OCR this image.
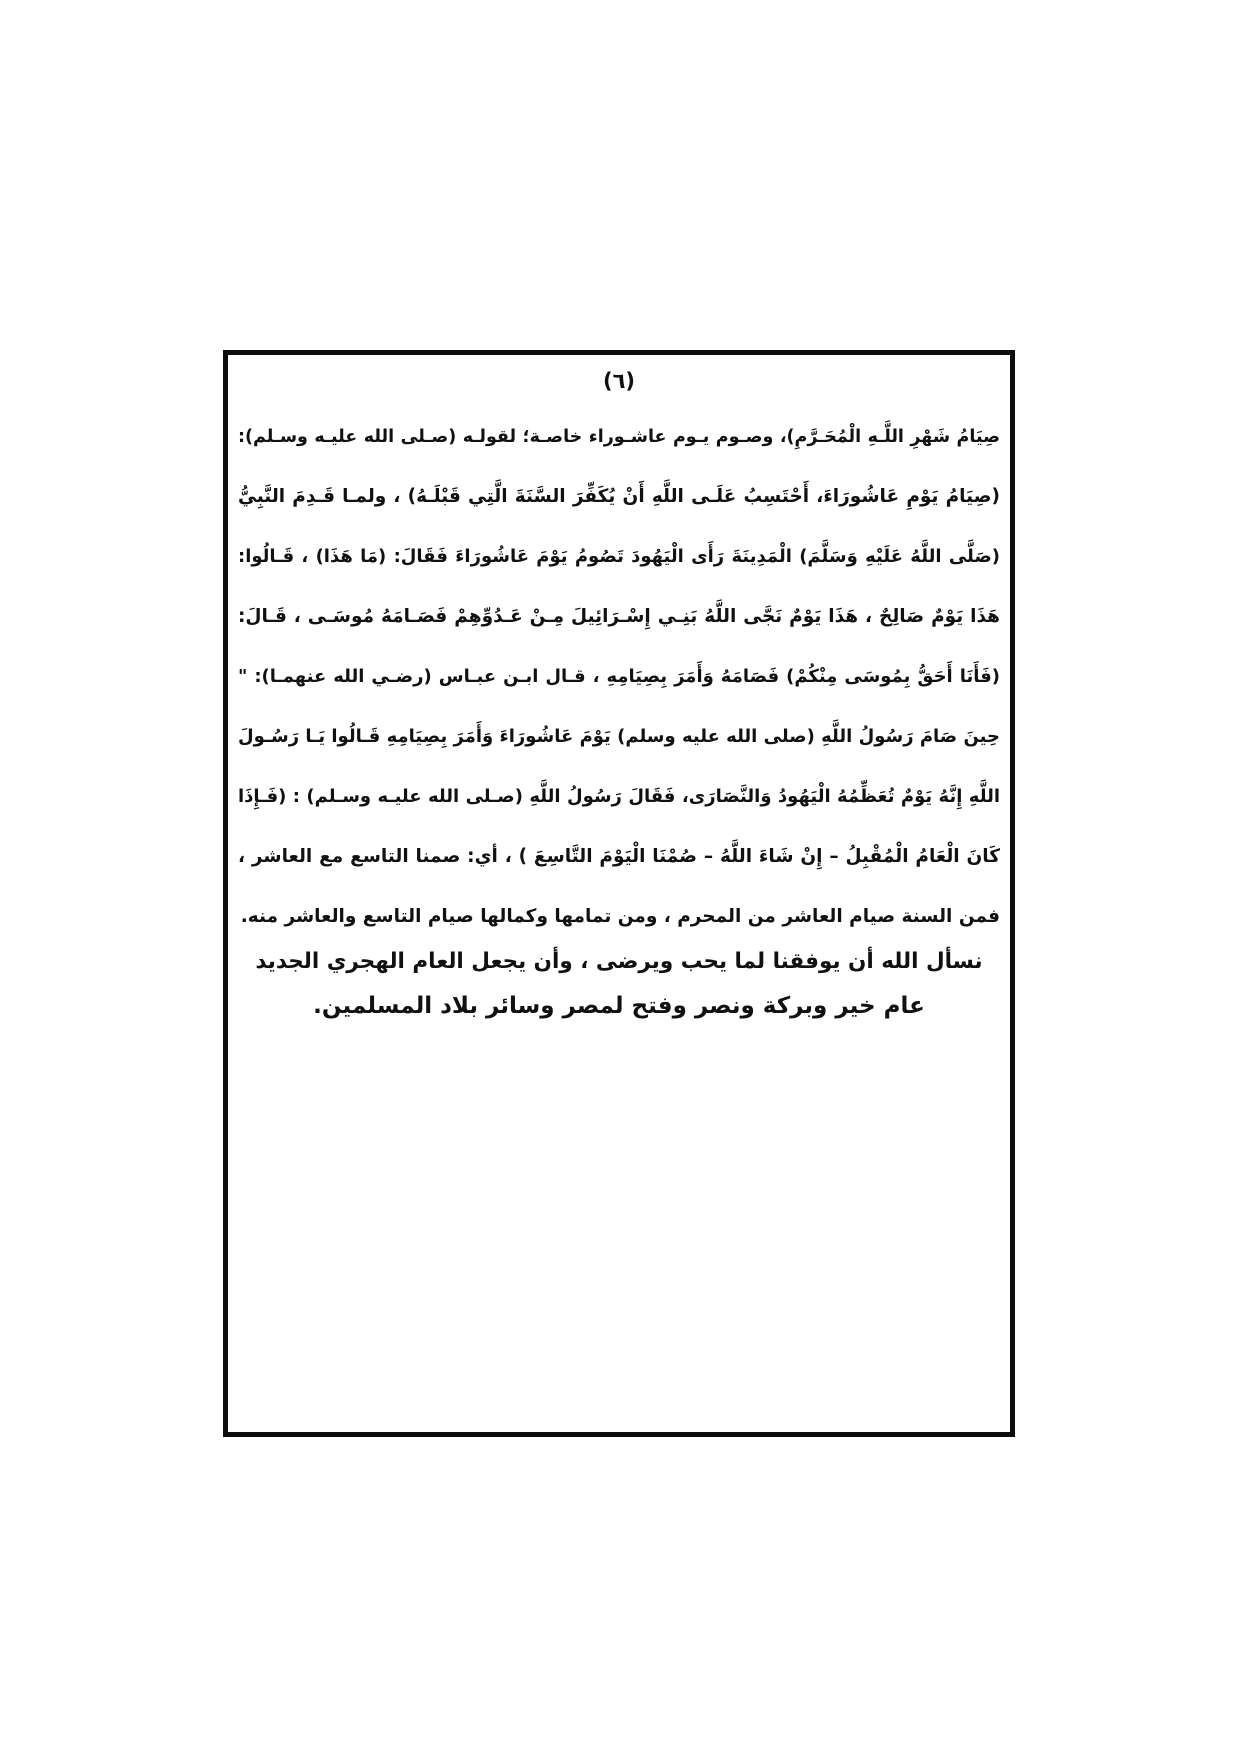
(٦)
صِيَامُ شَهْرِ اللَّـهِ الْمُحَـرَّمِ)، وصـوم يـوم عاشـوراء خاصـة؛ لقولـه (صـلى الله عليـه وسـلم):
(صِيَامُ يَوْمِ عَاشُورَاءَ، أَحْتَسِبُ عَلَـى اللَّهِ أَنْ يُكَفِّرَ السَّنَةَ الَّتِي قَبْلَـهُ) ، ولمـا قَـدِمَ النَّبِيُّ
(صَلَّى اللَّهُ عَلَيْهِ وَسَلَّمَ) الْمَدِينَةَ رَأَى الْيَهُودَ تَصُومُ يَوْمَ عَاشُورَاءَ فَقَالَ: (مَا هَذَا) ، قَـالُوا:
هَذَا يَوْمٌ صَالِحٌ ، هَذَا يَوْمٌ نَجَّى اللَّهُ بَنِـي إِسْـرَائِيلَ مِـنْ عَـدُوِّهِمْ فَصَـامَهُ مُوسَـى ، قَـالَ:
(فَأَنَا أَحَقُّ بِمُوسَى مِنْكُمْ) فَصَامَهُ وَأَمَرَ بِصِيَامِهِ ، قـال ابـن عبـاس (رضـي الله عنهمـا): "
حِينَ صَامَ رَسُولُ اللَّهِ (صلى الله عليه وسلم) يَوْمَ عَاشُورَاءَ وَأَمَرَ بِصِيَامِهِ قَـالُوا يَـا رَسُـولَ
اللَّهِ إِنَّهُ يَوْمٌ تُعَظِّمُهُ الْيَهُودُ وَالنَّصَارَى، فَقَالَ رَسُولُ اللَّهِ (صـلى الله عليـه وسـلم) : (فَـإِذَا
كَانَ الْعَامُ الْمُقْبِلُ – إِنْ شَاءَ اللَّهُ – صُمْنَا الْيَوْمَ التَّاسِعَ ) ، أي: صمنا التاسع مع العاشر ،
فمن السنة صيام العاشر من المحرم ، ومن تمامها وكمالها صيام التاسع والعاشر منه.
نسأل الله أن يوفقنا لما يحب ويرضى ، وأن يجعل العام الهجري الجديد
عام خير وبركة ونصر وفتح لمصر وسائر بلاد المسلمين.
